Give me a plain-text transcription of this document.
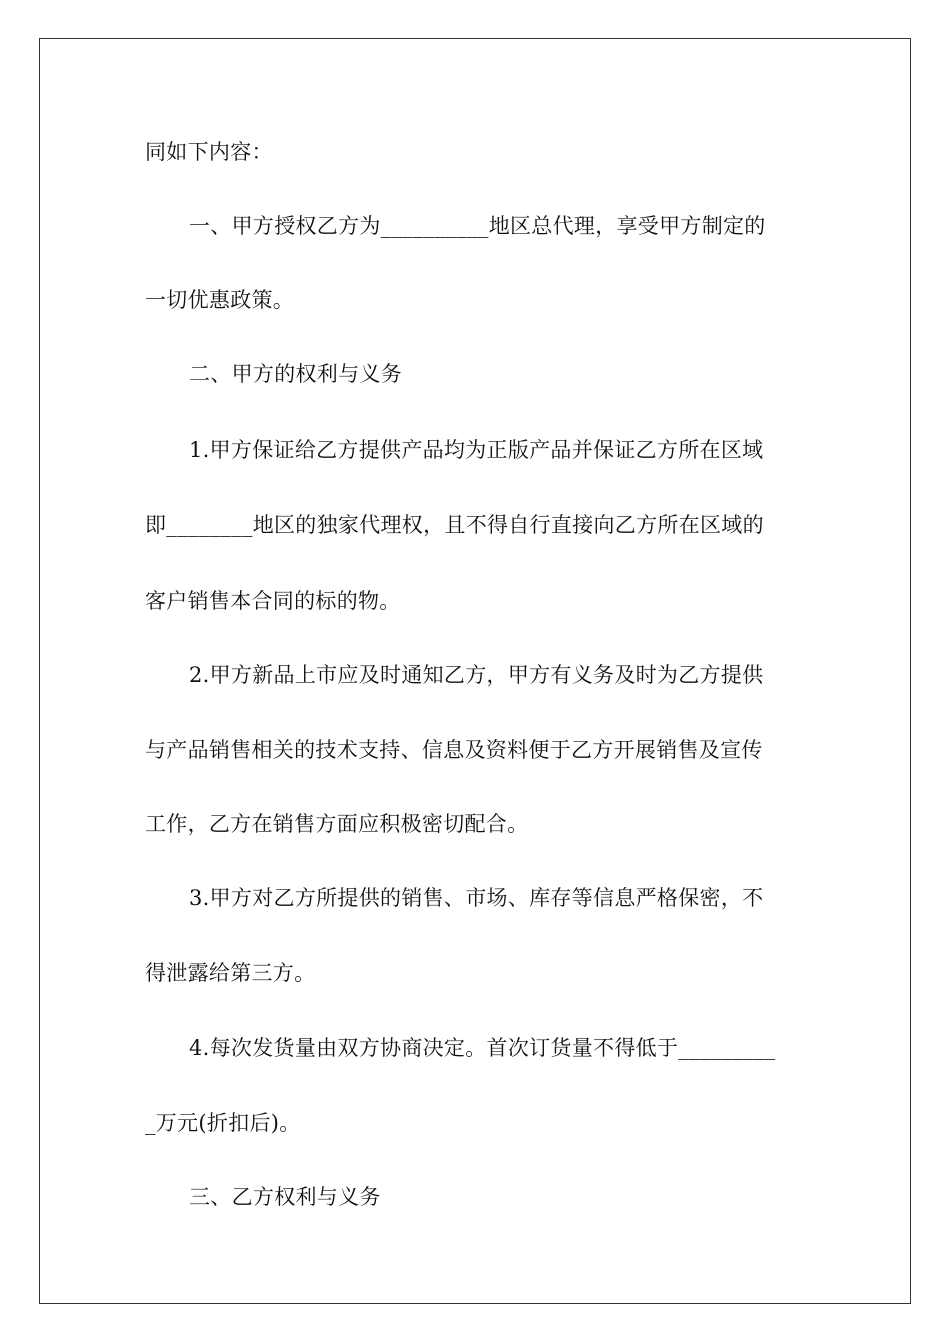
同如下内容：
一、甲方授权乙方为__________地区总代理，享受甲方制定的
一切优惠政策。
二、甲方的权利与义务
1.甲方保证给乙方提供产品均为正版产品并保证乙方所在区域
即________地区的独家代理权，且不得自行直接向乙方所在区域的
客户销售本合同的标的物。
2.甲方新品上市应及时通知乙方，甲方有义务及时为乙方提供
与产品销售相关的技术支持、信息及资料便于乙方开展销售及宣传
工作，乙方在销售方面应积极密切配合。
3.甲方对乙方所提供的销售、市场、库存等信息严格保密，不
得泄露给第三方。
4.每次发货量由双方协商决定。首次订货量不得低于_________
_万元(折扣后)。
三、乙方权利与义务
